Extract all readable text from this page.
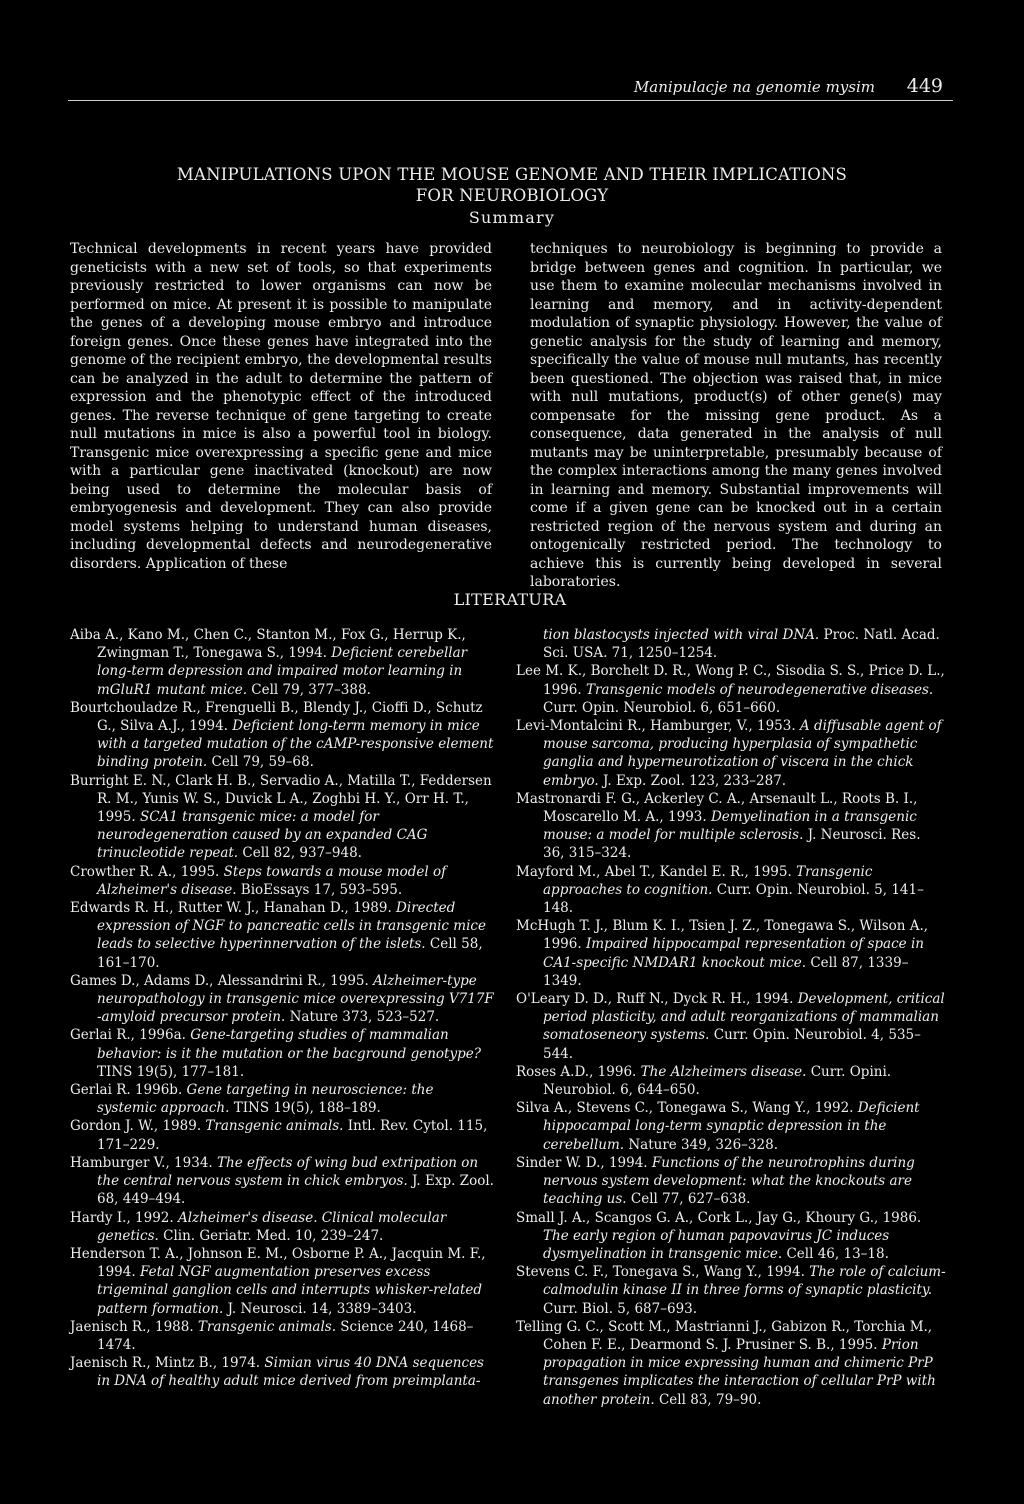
Manipulacje na genomie mysim 449
MANIPULATIONS UPON THE MOUSE GENOME AND THEIR IMPLICATIONS
FOR NEUROBIOLOGY
Summary
Technical developments in recent years have provided geneticists with a new set of tools, so that experiments previously restricted to lower organisms can now be performed on mice. At present it is possible to manipulate the genes of a developing mouse embryo and introduce foreign genes. Once these genes have integrated into the genome of the recipient embryo, the developmental results can be analyzed in the adult to determine the pattern of expression and the phenotypic effect of the introduced genes. The reverse technique of gene targeting to create null mutations in mice is also a powerful tool in biology. Transgenic mice overexpressing a specific gene and mice with a particular gene inactivated (knockout) are now being used to determine the molecular basis of embryogenesis and development. They can also provide model systems helping to understand human diseases, including developmental defects and neurodegenerative disorders. Application of these
techniques to neurobiology is beginning to provide a bridge between genes and cognition. In particular, we use them to examine molecular mechanisms involved in learning and memory, and in activity-dependent modulation of synaptic physiology. However, the value of genetic analysis for the study of learning and memory, specifically the value of mouse null mutants, has recently been questioned. The objection was raised that, in mice with null mutations, product(s) of other gene(s) may compensate for the missing gene product. As a consequence, data generated in the analysis of null mutants may be uninterpretable, presumably because of the complex interactions among the many genes involved in learning and memory. Substantial improvements will come if a given gene can be knocked out in a certain restricted region of the nervous system and during an ontogenically restricted period. The technology to achieve this is currently being developed in several laboratories.
LITERATURA
Aiba A., Kano M., Chen C., Stanton M., Fox G., Herrup K., Zwingman T., Tonegawa S., 1994. Deficient cerebellar long-term depression and impaired motor learning in mGluR1 mutant mice. Cell 79, 377–388.
Bourtchouladze R., Frenguelli B., Blendy J., Cioffi D., Schutz G., Silva A.J., 1994. Deficient long-term memory in mice with a targeted mutation of the cAMP-responsive element binding protein. Cell 79, 59–68.
Burright E. N., Clark H. B., Servadio A., Matilla T., Feddersen R. M., Yunis W. S., Duvick L A., Zoghbi H. Y., Orr H. T., 1995. SCA1 transgenic mice: a model for neurodegeneration caused by an expanded CAG trinucleotide repeat. Cell 82, 937–948.
Crowther R. A., 1995. Steps towards a mouse model of Alzheimer's disease. BioEssays 17, 593–595.
Edwards R. H., Rutter W. J., Hanahan D., 1989. Directed expression of NGF to pancreatic cells in transgenic mice leads to selective hyperinnervation of the islets. Cell 58, 161–170.
Games D., Adams D., Alessandrini R., 1995. Alzheimer-type neuropathology in transgenic mice overexpressing V717F -amyloid precursor protein. Nature 373, 523–527.
Gerlai R., 1996a. Gene-targeting studies of mammalian behavior: is it the mutation or the bacground genotype? TINS 19(5), 177–181.
Gerlai R. 1996b. Gene targeting in neuroscience: the systemic approach. TINS 19(5), 188–189.
Gordon J. W., 1989. Transgenic animals. Intl. Rev. Cytol. 115, 171–229.
Hamburger V., 1934. The effects of wing bud extripation on the central nervous system in chick embryos. J. Exp. Zool. 68, 449–494.
Hardy I., 1992. Alzheimer's disease. Clinical molecular genetics. Clin. Geriatr. Med. 10, 239–247.
Henderson T. A., Johnson E. M., Osborne P. A., Jacquin M. F., 1994. Fetal NGF augmentation preserves excess trigeminal ganglion cells and interrupts whisker-related pattern formation. J. Neurosci. 14, 3389–3403.
Jaenisch R., 1988. Transgenic animals. Science 240, 1468–1474.
Jaenisch R., Mintz B., 1974. Simian virus 40 DNA sequences in DNA of healthy adult mice derived from preimplanta-
tion blastocysts injected with viral DNA. Proc. Natl. Acad. Sci. USA. 71, 1250–1254.
Lee M. K., Borchelt D. R., Wong P. C., Sisodia S. S., Price D. L., 1996. Transgenic models of neurodegenerative diseases. Curr. Opin. Neurobiol. 6, 651–660.
Levi-Montalcini R., Hamburger, V., 1953. A diffusable agent of mouse sarcoma, producing hyperplasia of sympathetic ganglia and hyperneurotization of viscera in the chick embryo. J. Exp. Zool. 123, 233–287.
Mastronardi F. G., Ackerley C. A., Arsenault L., Roots B. I., Moscarello M. A., 1993. Demyelination in a transgenic mouse: a model for multiple sclerosis. J. Neurosci. Res. 36, 315–324.
Mayford M., Abel T., Kandel E. R., 1995. Transgenic approaches to cognition. Curr. Opin. Neurobiol. 5, 141–148.
McHugh T. J., Blum K. I., Tsien J. Z., Tonegawa S., Wilson A., 1996. Impaired hippocampal representation of space in CA1-specific NMDAR1 knockout mice. Cell 87, 1339–1349.
O'Leary D. D., Ruff N., Dyck R. H., 1994. Development, critical period plasticity, and adult reorganizations of mammalian somatoseneory systems. Curr. Opin. Neurobiol. 4, 535–544.
Roses A.D., 1996. The Alzheimers disease. Curr. Opini. Neurobiol. 6, 644–650.
Silva A., Stevens C., Tonegawa S., Wang Y., 1992. Deficient hippocampal long-term synaptic depression in the cerebellum. Nature 349, 326–328.
Sinder W. D., 1994. Functions of the neurotrophins during nervous system development: what the knockouts are teaching us. Cell 77, 627–638.
Small J. A., Scangos G. A., Cork L., Jay G., Khoury G., 1986. The early region of human papovavirus JC induces dysmyelination in transgenic mice. Cell 46, 13–18.
Stevens C. F., Tonegava S., Wang Y., 1994. The role of calcium-calmodulin kinase II in three forms of synaptic plasticity. Curr. Biol. 5, 687–693.
Telling G. C., Scott M., Mastrianni J., Gabizon R., Torchia M., Cohen F. E., Dearmond S. J. Prusiner S. B., 1995. Prion propagation in mice expressing human and chimeric PrP transgenes implicates the interaction of cellular PrP with another protein. Cell 83, 79–90.
